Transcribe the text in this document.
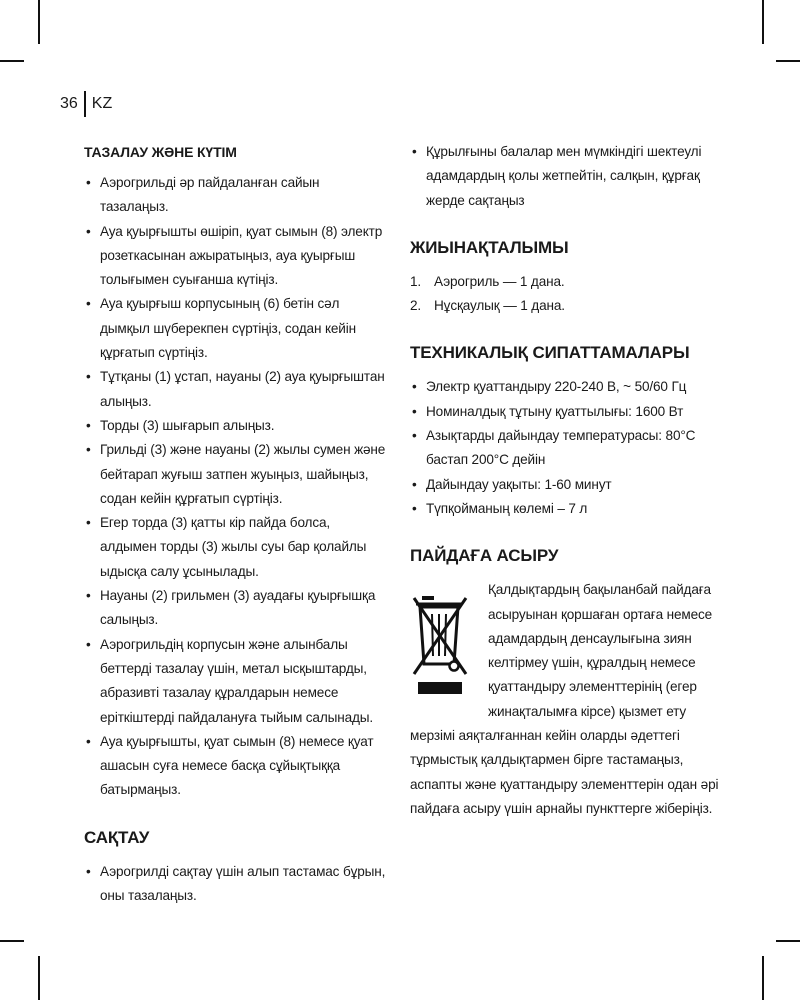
36 KZ
ТАЗАЛАУ ЖӘНЕ КҮТІМ
• Аэрогрильді әр пайдаланған сайын тазалаңыз.
• Ауа қуырғышты өшіріп, қуат сымын (8) электр розеткасынан ажыратыңыз, ауа қуырғыш толығымен суығанша күтіңіз.
• Ауа қуырғыш корпусының (6) бетін сәл дымқыл шүберекпен сүртіңіз, содан кейін құрғатып сүртіңіз.
• Тұтқаны (1) ұстап, науаны (2) ауа қуырғыштан алыңыз.
• Торды (3) шығарып алыңыз.
• Грильді (3) және науаны (2) жылы сумен және бейтарап жуғыш затпен жуыңыз, шайыңыз, содан кейін құрғатып сүртіңіз.
• Егер торда (3) қатты кір пайда болса, алдымен торды (3) жылы суы бар қолайлы ыдысқа салу ұсынылады.
• Науаны (2) грильмен (3) ауадағы қуырғышқа салыңыз.
• Аэрогрильдің корпусын және алынбалы беттерді тазалау үшін, метал ысқыштарды, абразивті тазалау құралдарын немесе еріткіштерді пайдалануға тыйым салынады.
• Ауа қуырғышты, қуат сымын (8) немесе қуат ашасын суға немесе басқа сұйықтыққа батырмаңыз.
САҚТАУ
• Аэрогрилді сақтау үшін алып тастамас бұрын, оны тазалаңыз.
• Құрылғыны балалар мен мүмкіндігі шектеулі адамдардың қолы жетпейтін, салқын, құрғақ жерде сақтаңыз
ЖИЫНАҚТАЛЫМЫ
1. Аэрогриль — 1 дана.
2. Нұсқаулық — 1 дана.
ТЕХНИКАЛЫҚ СИПАТТАМАЛАРЫ
• Электр қуаттандыру 220-240 В, ~ 50/60 Гц
• Номиналдық тұтыну қуаттылығы: 1600 Вт
• Азықтарды дайындау температурасы: 80°С бастап 200°С дейін
• Дайындау уақыты: 1-60 минут
• Түпқойманың көлемі – 7 л
ПАЙДАҒА АСЫРУ

Қалдықтардың бақыланбай пайдаға асыруынан қоршаған ортаға немесе адамдардың денсаулығына зиян келтірмеу үшін, құралдың немесе қуаттандыру элементтерінің (егер жинақталымға кірсе) қызмет ету мерзімі аяқталғаннан кейін оларды әдеттегі тұрмыстық қалдықтармен бірге тастамаңыз, аспапты және қуаттандыру элементтерін одан әрі пайдаға асыру үшін арнайы пункттерге жіберіңіз.
